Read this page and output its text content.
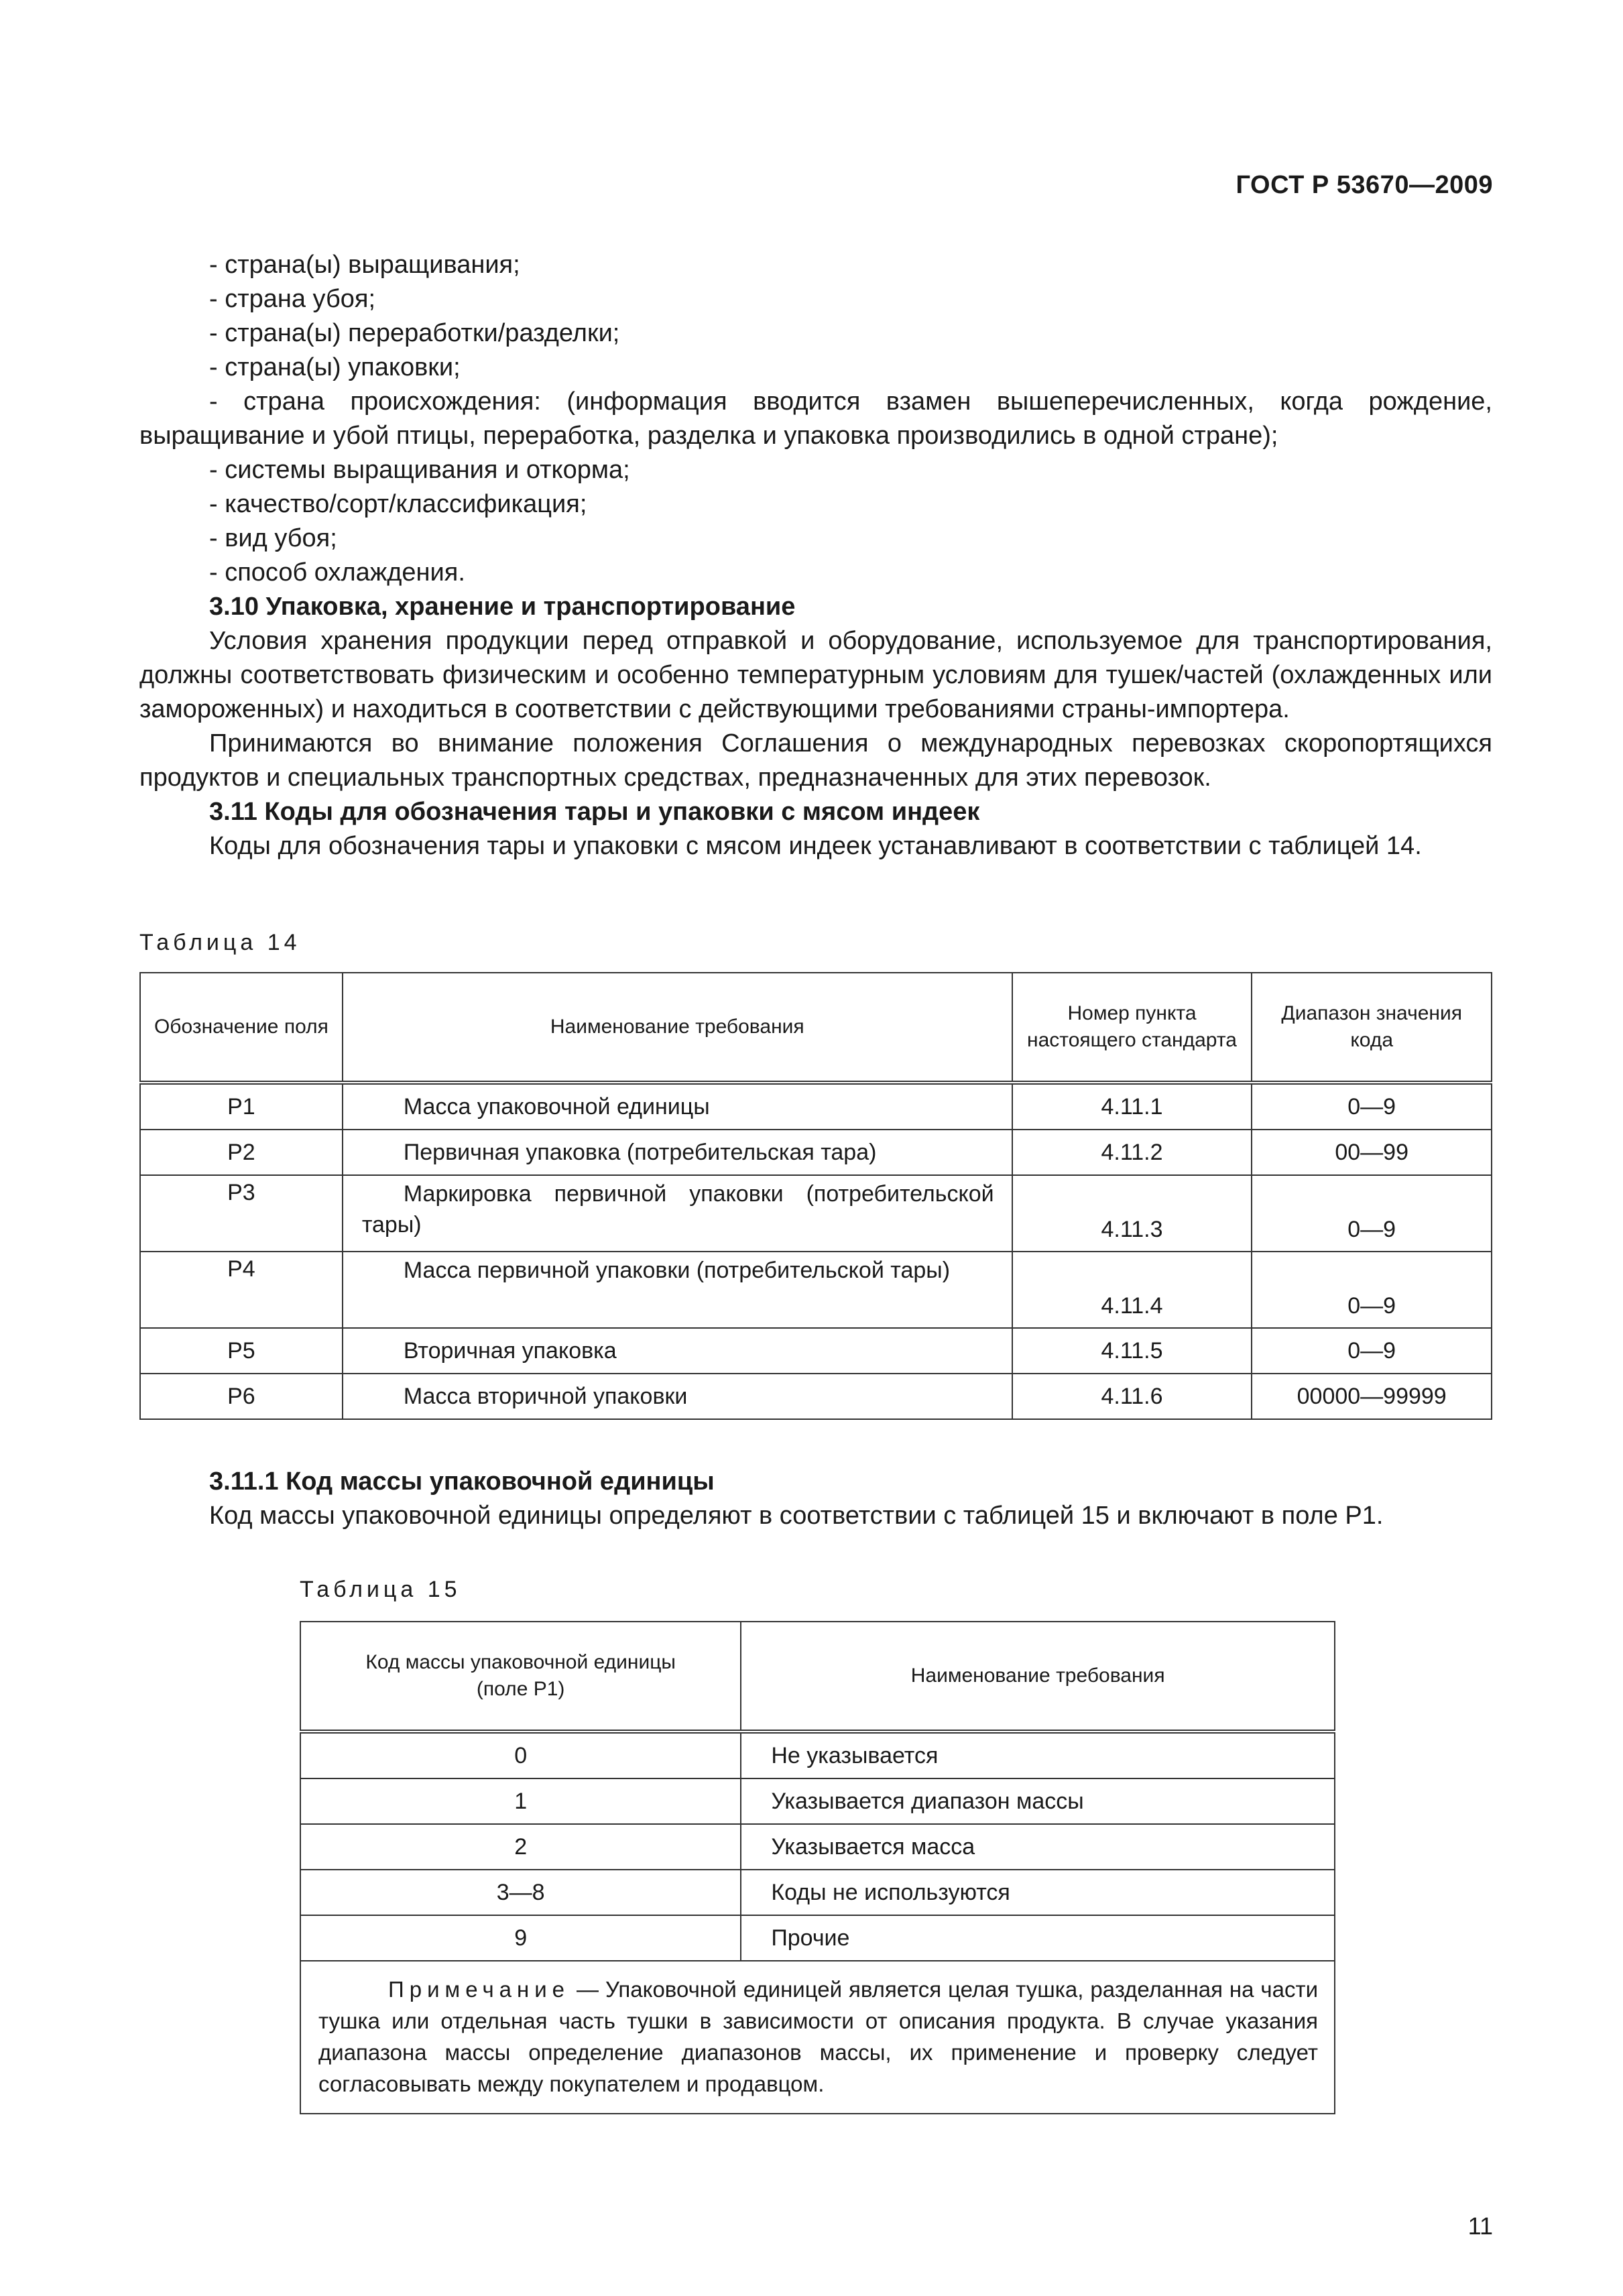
ГОСТ Р 53670—2009

- страна(ы) выращивания;

- страна убоя;

- страна(ы) переработки/разделки;

- страна(ы) упаковки;

- страна происхождения: (информация вводится взамен вышеперечисленных, когда рождение, выращивание и убой птицы, переработка, разделка и упаковка производились в одной стране);

- системы выращивания и откорма;

- качество/сорт/классификация;

- вид убоя;

- способ охлаждения.

3.10 Упаковка, хранение и транспортирование

Условия хранения продукции перед отправкой и оборудование, используемое для транспортирования, должны соответствовать физическим и особенно температурным условиям для тушек/частей (охлажденных или замороженных) и находиться в соответствии с действующими требованиями страны-импортера.

Принимаются во внимание положения Соглашения о международных перевозках скоропортящихся продуктов и специальных транспортных средствах, предназначенных для этих перевозок.

3.11 Коды для обозначения тары и упаковки с мясом индеек

Коды для обозначения тары и упаковки с мясом индеек устанавливают в соответствии с таблицей 14.

Таблица 14
Обозначение поля	Наименование требования	Номер пункта настоящего стандарта	Диапазон значения кода
P1	Масса упаковочной единицы	4.11.1	0—9
P2	Первичная упаковка (потребительская тара)	4.11.2	00—99
P3	Маркировка первичной упаковки (потребительской тары)	4.11.3	0—9
P4	Масса первичной упаковки (потребительской тары)	4.11.4	0—9
P5	Вторичная упаковка	4.11.5	0—9
P6	Масса вторичной упаковки	4.11.6	00000—99999

3.11.1 Код массы упаковочной единицы

Код массы упаковочной единицы определяют в соответствии с таблицей 15 и включают в поле P1.

Таблица 15
Код массы упаковочной единицы (поле P1)	Наименование требования
0	Не указывается
1	Указывается диапазон массы
2	Указывается масса
3—8	Коды не используются
9	Прочие
Примечание — Упаковочной единицей является целая тушка, разделанная на части тушка или отдельная часть тушки в зависимости от описания продукта. В случае указания диапазона массы определение диапазонов массы, их применение и проверку следует согласовывать между покупателем и продавцом.	
11
